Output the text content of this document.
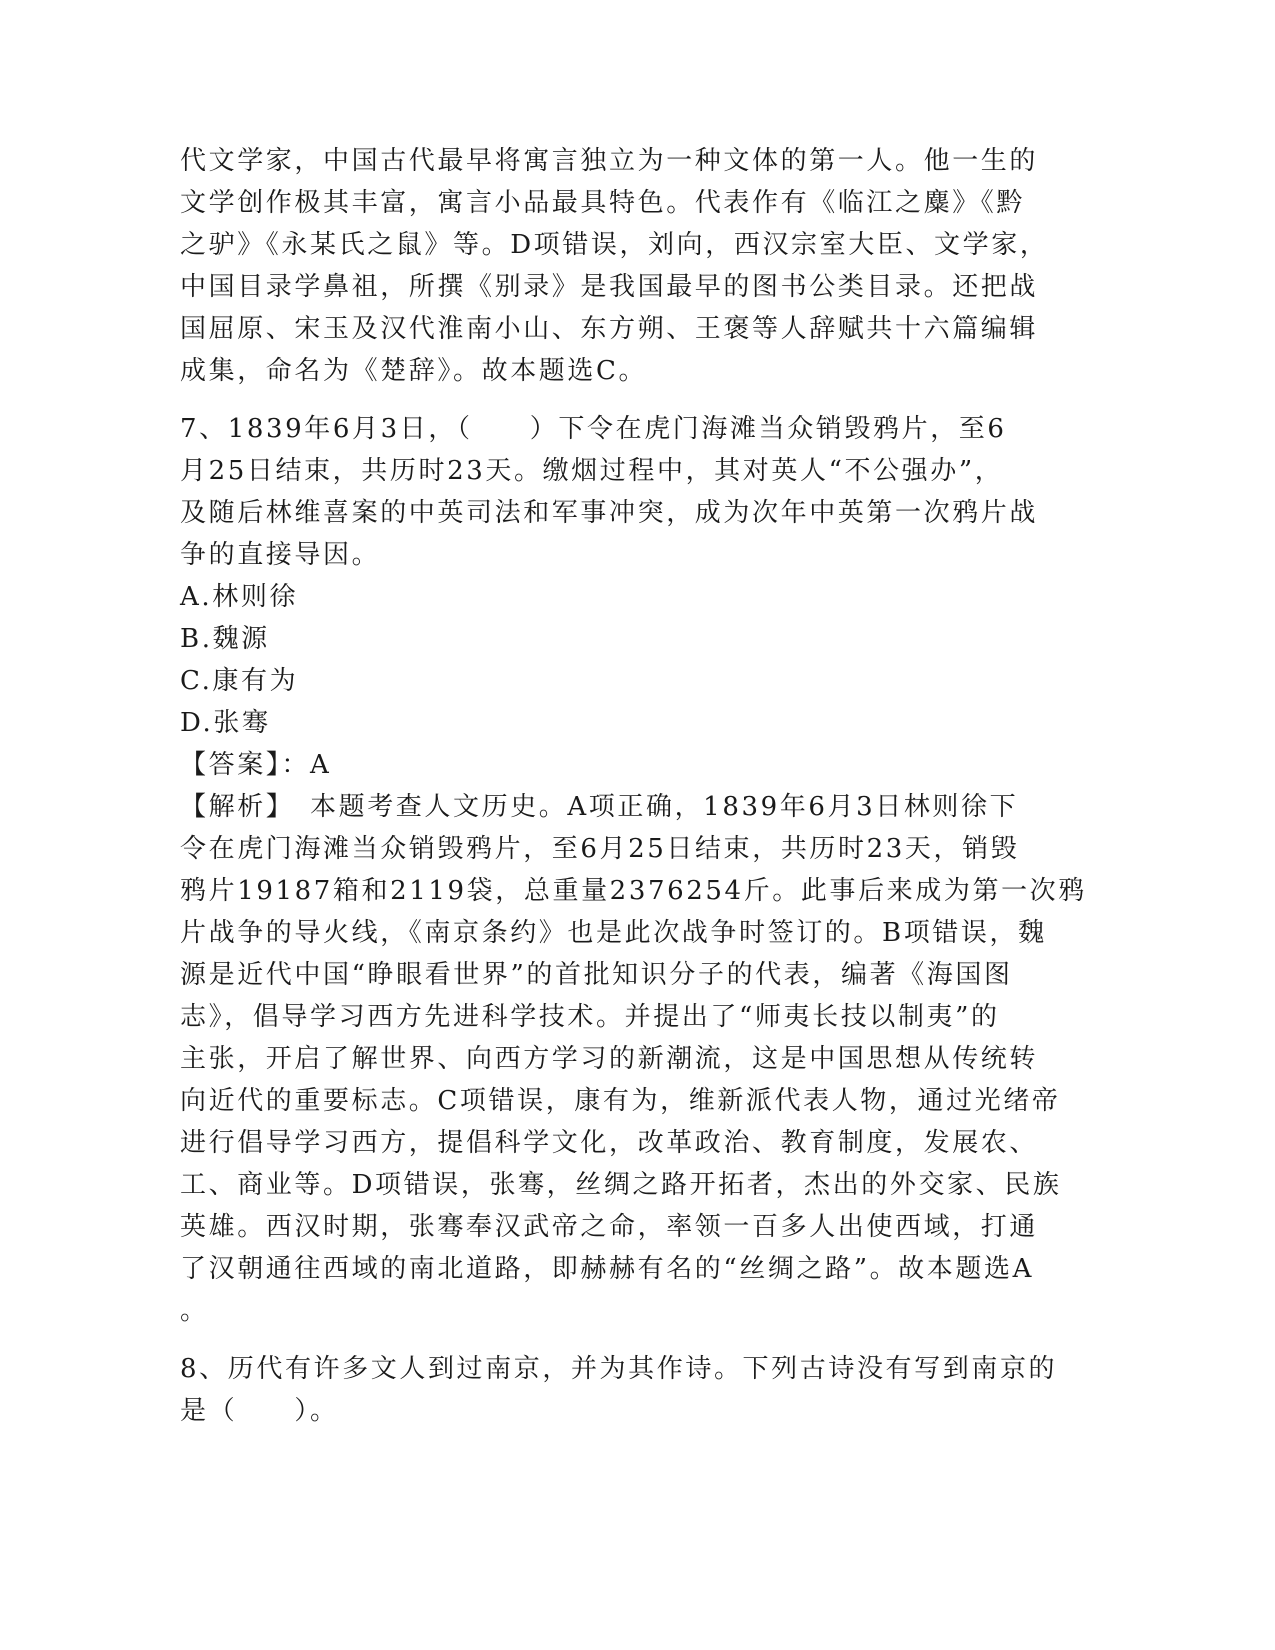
代文学家，中国古代最早将寓言独立为一种文体的第一人。他一生的
文学创作极其丰富，寓言小品最具特色。代表作有《临江之麋》《黔
之驴》《永某氏之鼠》等。D项错误，刘向，西汉宗室大臣、文学家，
中国目录学鼻祖，所撰《别录》是我国最早的图书公类目录。还把战
国屈原、宋玉及汉代淮南小山、东方朔、王褒等人辞赋共十六篇编辑
成集，命名为《楚辞》。故本题选C。
7、1839年6月3日，（　　）下令在虎门海滩当众销毁鸦片，至6
月25日结束，共历时23天。缴烟过程中，其对英人“不公强办”，
及随后林维喜案的中英司法和军事冲突，成为次年中英第一次鸦片战
争的直接导因。
A.林则徐
B.魏源
C.康有为
D.张骞
【答案】：A
【解析】　本题考查人文历史。A项正确，1839年6月3日林则徐下
令在虎门海滩当众销毁鸦片，至6月25日结束，共历时23天，销毁
鸦片19187箱和2119袋，总重量2376254斤。此事后来成为第一次鸦
片战争的导火线，《南京条约》也是此次战争时签订的。B项错误，魏
源是近代中国“睁眼看世界”的首批知识分子的代表，编著《海国图
志》，倡导学习西方先进科学技术。并提出了“师夷长技以制夷”的
主张，开启了解世界、向西方学习的新潮流，这是中国思想从传统转
向近代的重要标志。C项错误，康有为，维新派代表人物，通过光绪帝
进行倡导学习西方，提倡科学文化，改革政治、教育制度，发展农、
工、商业等。D项错误，张骞，丝绸之路开拓者，杰出的外交家、民族
英雄。西汉时期，张骞奉汉武帝之命，率领一百多人出使西域，打通
了汉朝通往西域的南北道路，即赫赫有名的“丝绸之路”。故本题选A
。
8、历代有许多文人到过南京，并为其作诗。下列古诗没有写到南京的
是（　　）。
